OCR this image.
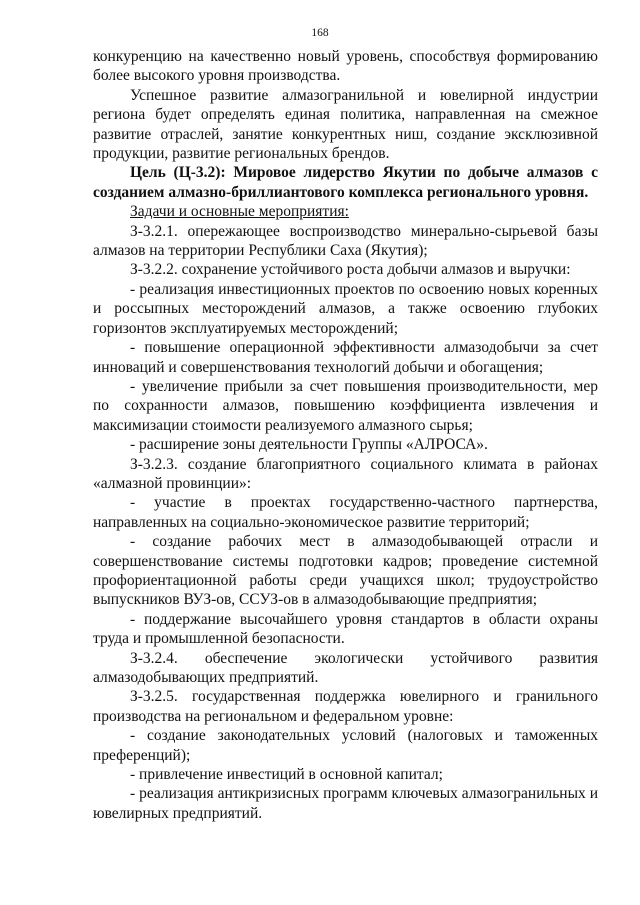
168

конкуренцию на качественно новый уровень, способствуя формированию более высокого уровня производства.

Успешное развитие алмазогранильной и ювелирной индустрии региона будет определять единая политика, направленная на смежное развитие отраслей, занятие конкурентных ниш, создание эксклюзивной продукции, развитие региональных брендов.

Цель (Ц-3.2): Мировое лидерство Якутии по добыче алмазов с созданием алмазно-бриллиантового комплекса регионального уровня.

Задачи и основные мероприятия:

З-3.2.1. опережающее воспроизводство минерально-сырьевой базы алмазов на территории Республики Саха (Якутия);

З-3.2.2. сохранение устойчивого роста добычи алмазов и выручки:

- реализация инвестиционных проектов по освоению новых коренных и россыпных месторождений алмазов, а также освоению глубоких горизонтов эксплуатируемых месторождений;

- повышение операционной эффективности алмазодобычи за счет инноваций и совершенствования технологий добычи и обогащения;

- увеличение прибыли за счет повышения производительности, мер по сохранности алмазов, повышению коэффициента извлечения и максимизации стоимости реализуемого алмазного сырья;

- расширение зоны деятельности Группы «АЛРОСА».

З-3.2.3. создание благоприятного социального климата в районах «алмазной провинции»:

- участие в проектах государственно-частного партнерства, направленных на социально-экономическое развитие территорий;

- создание рабочих мест в алмазодобывающей отрасли и совершенствование системы подготовки кадров; проведение системной профориентационной работы среди учащихся школ; трудоустройство выпускников ВУЗ-ов, ССУЗ-ов в алмазодобывающие предприятия;

- поддержание высочайшего уровня стандартов в области охраны труда и промышленной безопасности.

З-3.2.4. обеспечение экологически устойчивого развития алмазодобывающих предприятий.

З-3.2.5. государственная поддержка ювелирного и гранильного производства на региональном и федеральном уровне:

- создание законодательных условий (налоговых и таможенных преференций);

- привлечение инвестиций в основной капитал;

- реализация антикризисных программ ключевых алмазогранильных и ювелирных предприятий.
